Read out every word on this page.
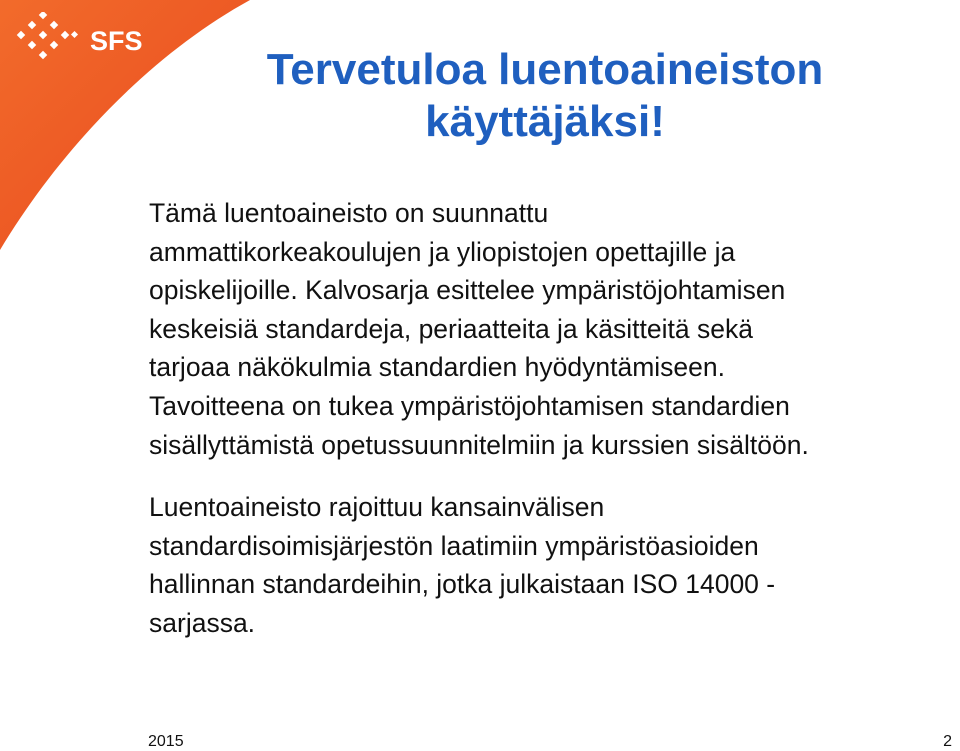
SFS
Tervetuloa luentoaineiston
käyttäjäksi!

Tämä luentoaineisto on suunnattu
ammattikorkeakoulujen ja yliopistojen opettajille ja
opiskelijoille. Kalvosarja esittelee ympäristöjohtamisen
keskeisiä standardeja, periaatteita ja käsitteitä sekä
tarjoaa näkökulmia standardien hyödyntämiseen.
Tavoitteena on tukea ympäristöjohtamisen standardien
sisällyttämistä opetussuunnitelmiin ja kurssien sisältöön.

Luentoaineisto rajoittuu kansainvälisen
standardisoimisjärjestön laatimiin ympäristöasioiden
hallinnan standardeihin, jotka julkaistaan ISO 14000 -
sarjassa.

2015	2
